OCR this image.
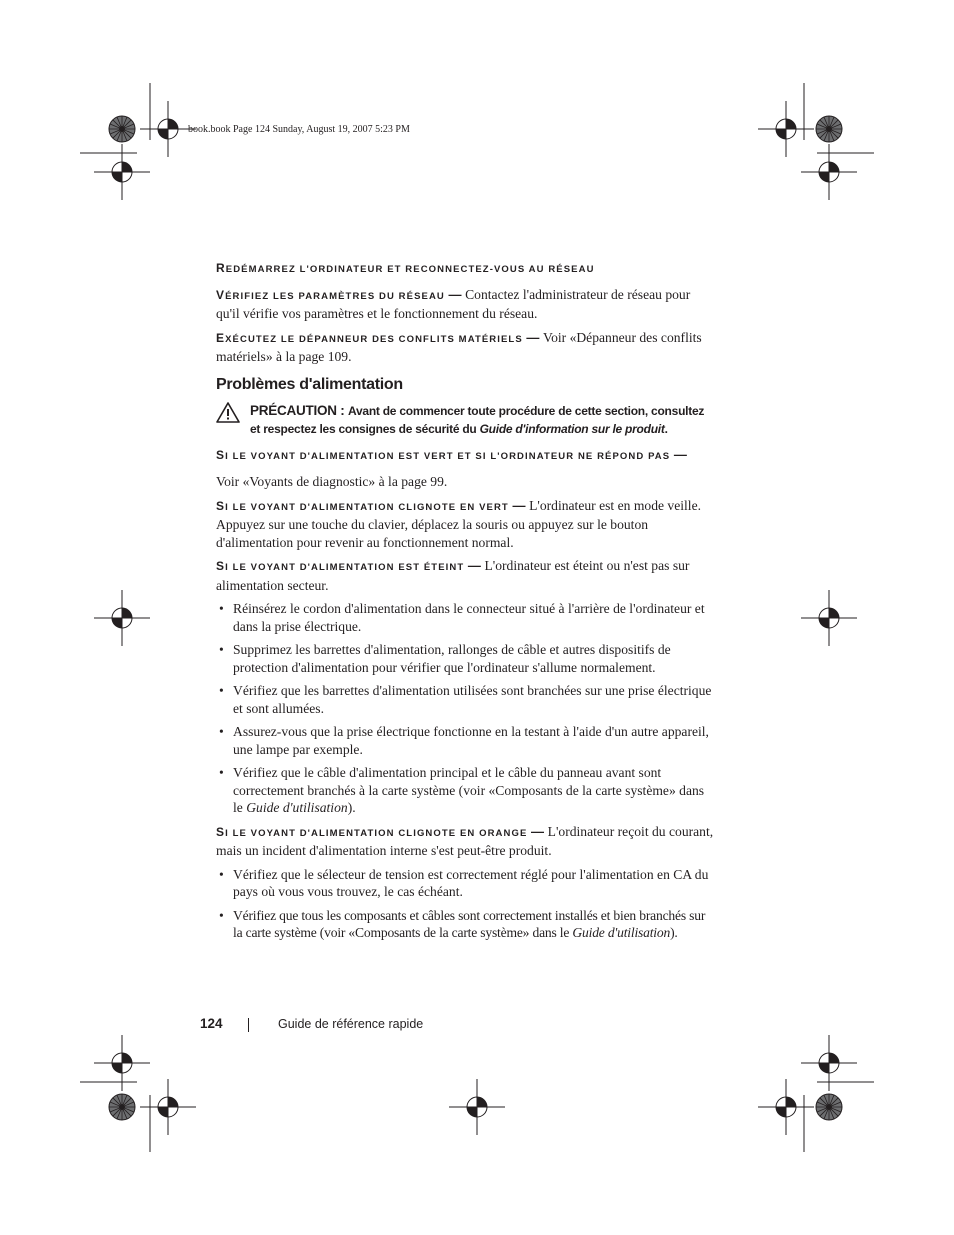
book.book Page 124 Sunday, August 19, 2007 5:23 PM

REDÉMARREZ L'ORDINATEUR ET RECONNECTEZ-VOUS AU RÉSEAU

VÉRIFIEZ LES PARAMÈTRES DU RÉSEAU — Contactez l'administrateur de réseau pour qu'il vérifie vos paramètres et le fonctionnement du réseau.

EXÉCUTEZ LE DÉPANNEUR DES CONFLITS MATÉRIELS — Voir «Dépanneur des conflits matériels» à la page 109.

Problèmes d'alimentation
PRÉCAUTION : Avant de commencer toute procédure de cette section, consultez et respectez les consignes de sécurité du Guide d'information sur le produit.

SI LE VOYANT D'ALIMENTATION EST VERT ET SI L'ORDINATEUR NE RÉPOND PAS —

Voir «Voyants de diagnostic» à la page 99.

SI LE VOYANT D'ALIMENTATION CLIGNOTE EN VERT — L'ordinateur est en mode veille. Appuyez sur une touche du clavier, déplacez la souris ou appuyez sur le bouton d'alimentation pour revenir au fonctionnement normal.

SI LE VOYANT D'ALIMENTATION EST ÉTEINT — L'ordinateur est éteint ou n'est pas sur alimentation secteur.

• Réinsérez le cordon d'alimentation dans le connecteur situé à l'arrière de l'ordinateur et dans la prise électrique.
• Supprimez les barrettes d'alimentation, rallonges de câble et autres dispositifs de protection d'alimentation pour vérifier que l'ordinateur s'allume normalement.
• Vérifiez que les barrettes d'alimentation utilisées sont branchées sur une prise électrique et sont allumées.
• Assurez-vous que la prise électrique fonctionne en la testant à l'aide d'un autre appareil, une lampe par exemple.
• Vérifiez que le câble d'alimentation principal et le câble du panneau avant sont correctement branchés à la carte système (voir «Composants de la carte système» dans le Guide d'utilisation).

SI LE VOYANT D'ALIMENTATION CLIGNOTE EN ORANGE — L'ordinateur reçoit du courant, mais un incident d'alimentation interne s'est peut-être produit.

• Vérifiez que le sélecteur de tension est correctement réglé pour l'alimentation en CA du pays où vous vous trouvez, le cas échéant.
• Vérifiez que tous les composants et câbles sont correctement installés et bien branchés sur la carte système (voir «Composants de la carte système» dans le Guide d'utilisation).
124	Guide de référence rapide
